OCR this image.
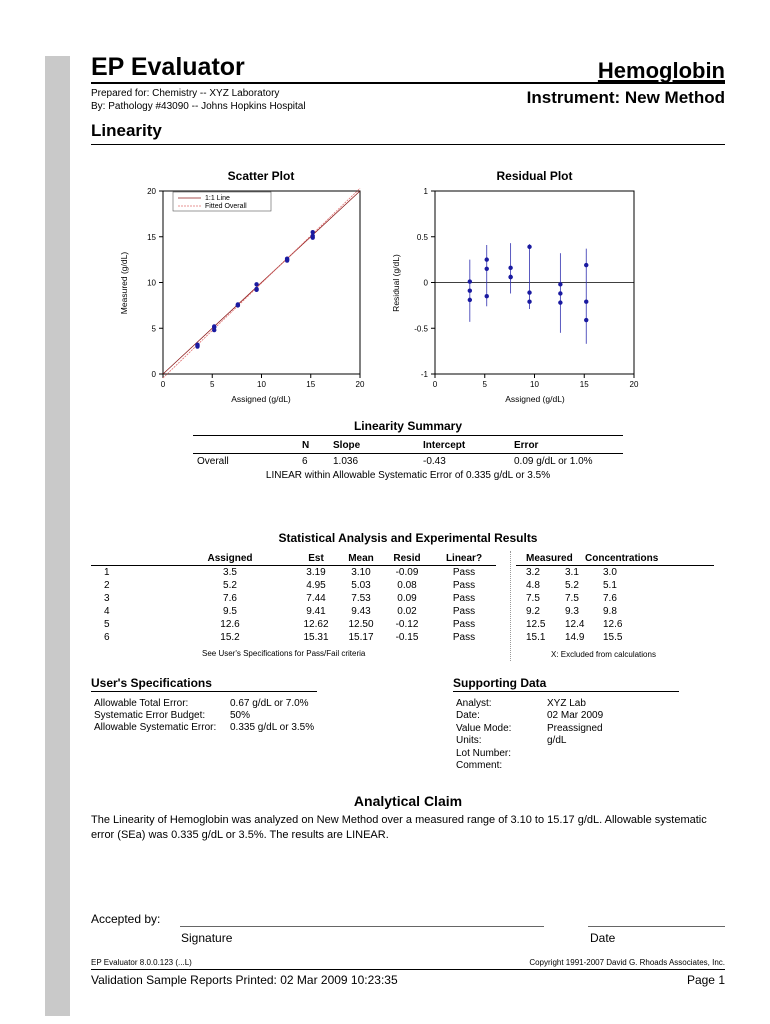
EP Evaluator	Hemoglobin
Prepared for: Chemistry -- XYZ Laboratory
By: Pathology #43090 -- Johns Hopkins Hospital	Instrument: New Method
Linearity
Scatter Plot	Residual Plot
0	5	10	15	20
0
5
10
15
20
1:1 Line
Fitted Overall
Assigned (g/dL)
Measured (g/dL)
0	5	10	15	20
-1
-0.5
0
0.5
1
Assigned (g/dL)
Residual (g/dL)
Linearity Summary
N Slope	Intercept	Error
Overall	6	1.036	-0.43	0.09 g/dL or 1.0%
LINEAR within Allowable Systematic Error of 0.335 g/dL or 3.5%
Statistical Analysis and Experimental Results
Assigned	Est	Mean	Resid	Linear?	Measured Concentrations
1	3.5	3.19	3.10	-0.09	Pass	3.2	3.1 3.0
2	5.2	4.95	5.03	0.08	Pass	4.8	5.2 5.1
3	7.6	7.44	7.53	0.09	Pass	7.5	7.5 7.6
4	9.5	9.41	9.43	0.02	Pass	9.2	9.3 9.8
5	12.6	12.62	12.50	-0.12	Pass	12.5 12.4 12.6
6	15.2	15.31	15.17	-0.15	Pass	15.1 14.9 15.5
See User's Specifications for Pass/Fail criteria	X: Excluded from calculations
User's Specifications
Allowable Total Error:	0.67 g/dL or 7.0%
Systematic Error Budget: 50%
Allowable Systematic Error: 0.335 g/dL or 3.5%
Supporting Data
Analyst:	XYZ Lab
Date:	02 Mar 2009
Value Mode:	Preassigned
Units:	g/dL
Lot Number:
Comment:
Analytical Claim
The Linearity of Hemoglobin was analyzed on New Method over a measured range of 3.10 to 15.17 g/dL. Allowable systematic error (SEa) was 0.335 g/dL or 3.5%. The results are LINEAR.
Accepted by:
Signature	Date
EP Evaluator 8.0.0.123 (...L)	Copyright 1991-2007 David G. Rhoads Associates, Inc.
Validation Sample Reports Printed: 02 Mar 2009 10:23:35	Page 1
